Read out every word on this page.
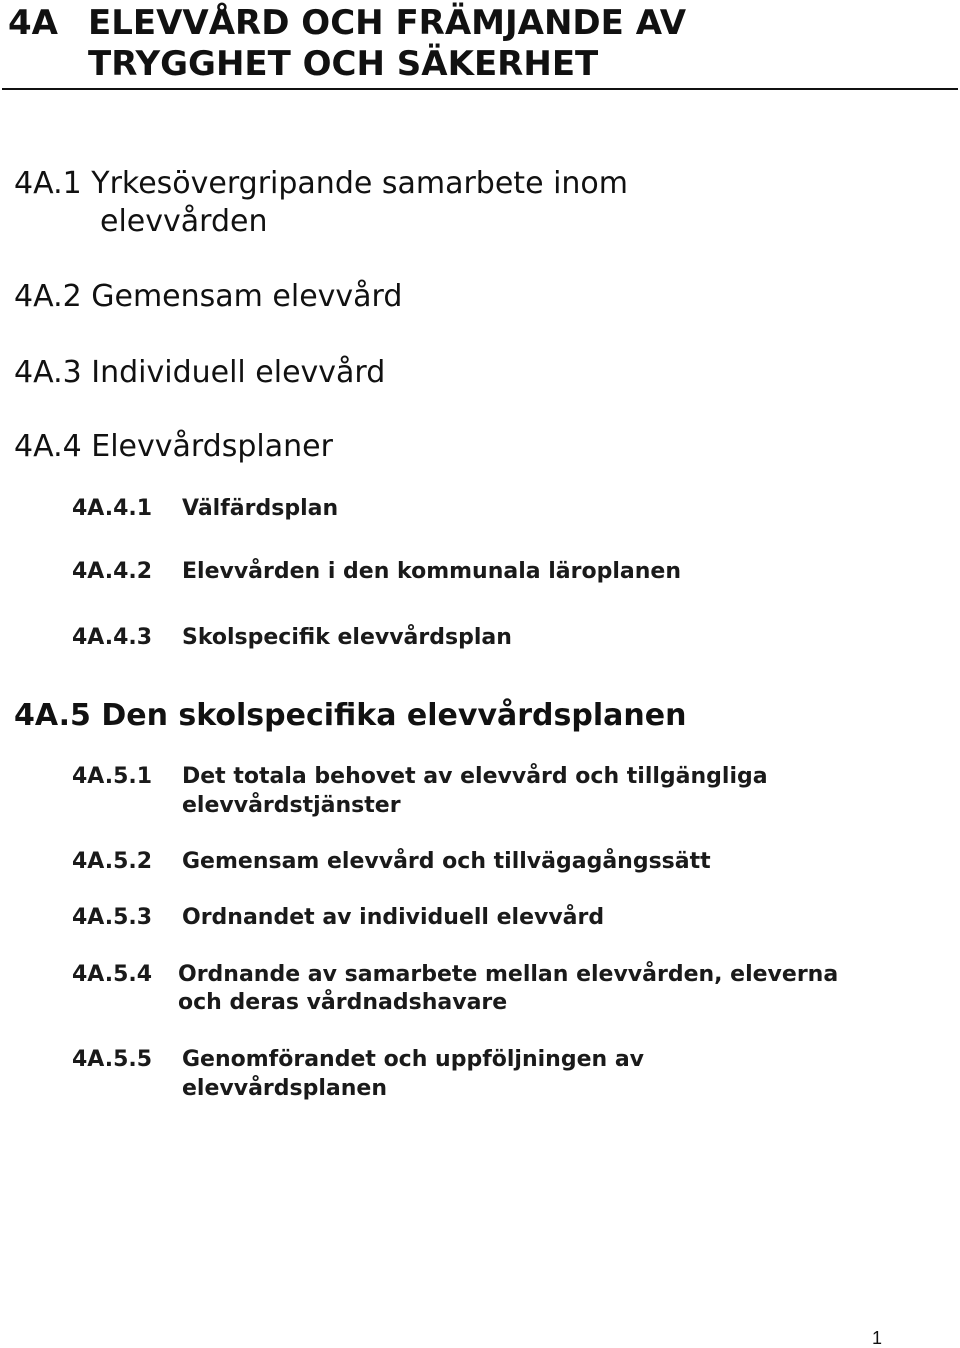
4A ELEVVÅRD OCH FRÄMJANDE AV
TRYGGHET OCH SÄKERHET
4A.1 Yrkesövergripande samarbete inom
elevvården
4A.2 Gemensam elevvård
4A.3 Individuell elevvård
4A.4 Elevvårdsplaner
4A.4.1 Välfärdsplan
4A.4.2 Elevvården i den kommunala läroplanen
4A.4.3 Skolspecifik elevvårdsplan
4A.5 Den skolspecifika elevvårdsplanen
4A.5.1 Det totala behovet av elevvård och tillgängliga
elevvårdstjänster
4A.5.2 Gemensam elevvård och tillvägagångssätt
4A.5.3 Ordnandet av individuell elevvård
4A.5.4 Ordnande av samarbete mellan elevvården, eleverna
och deras vårdnadshavare
4A.5.5 Genomförandet och uppföljningen av
elevvårdsplanen
1
